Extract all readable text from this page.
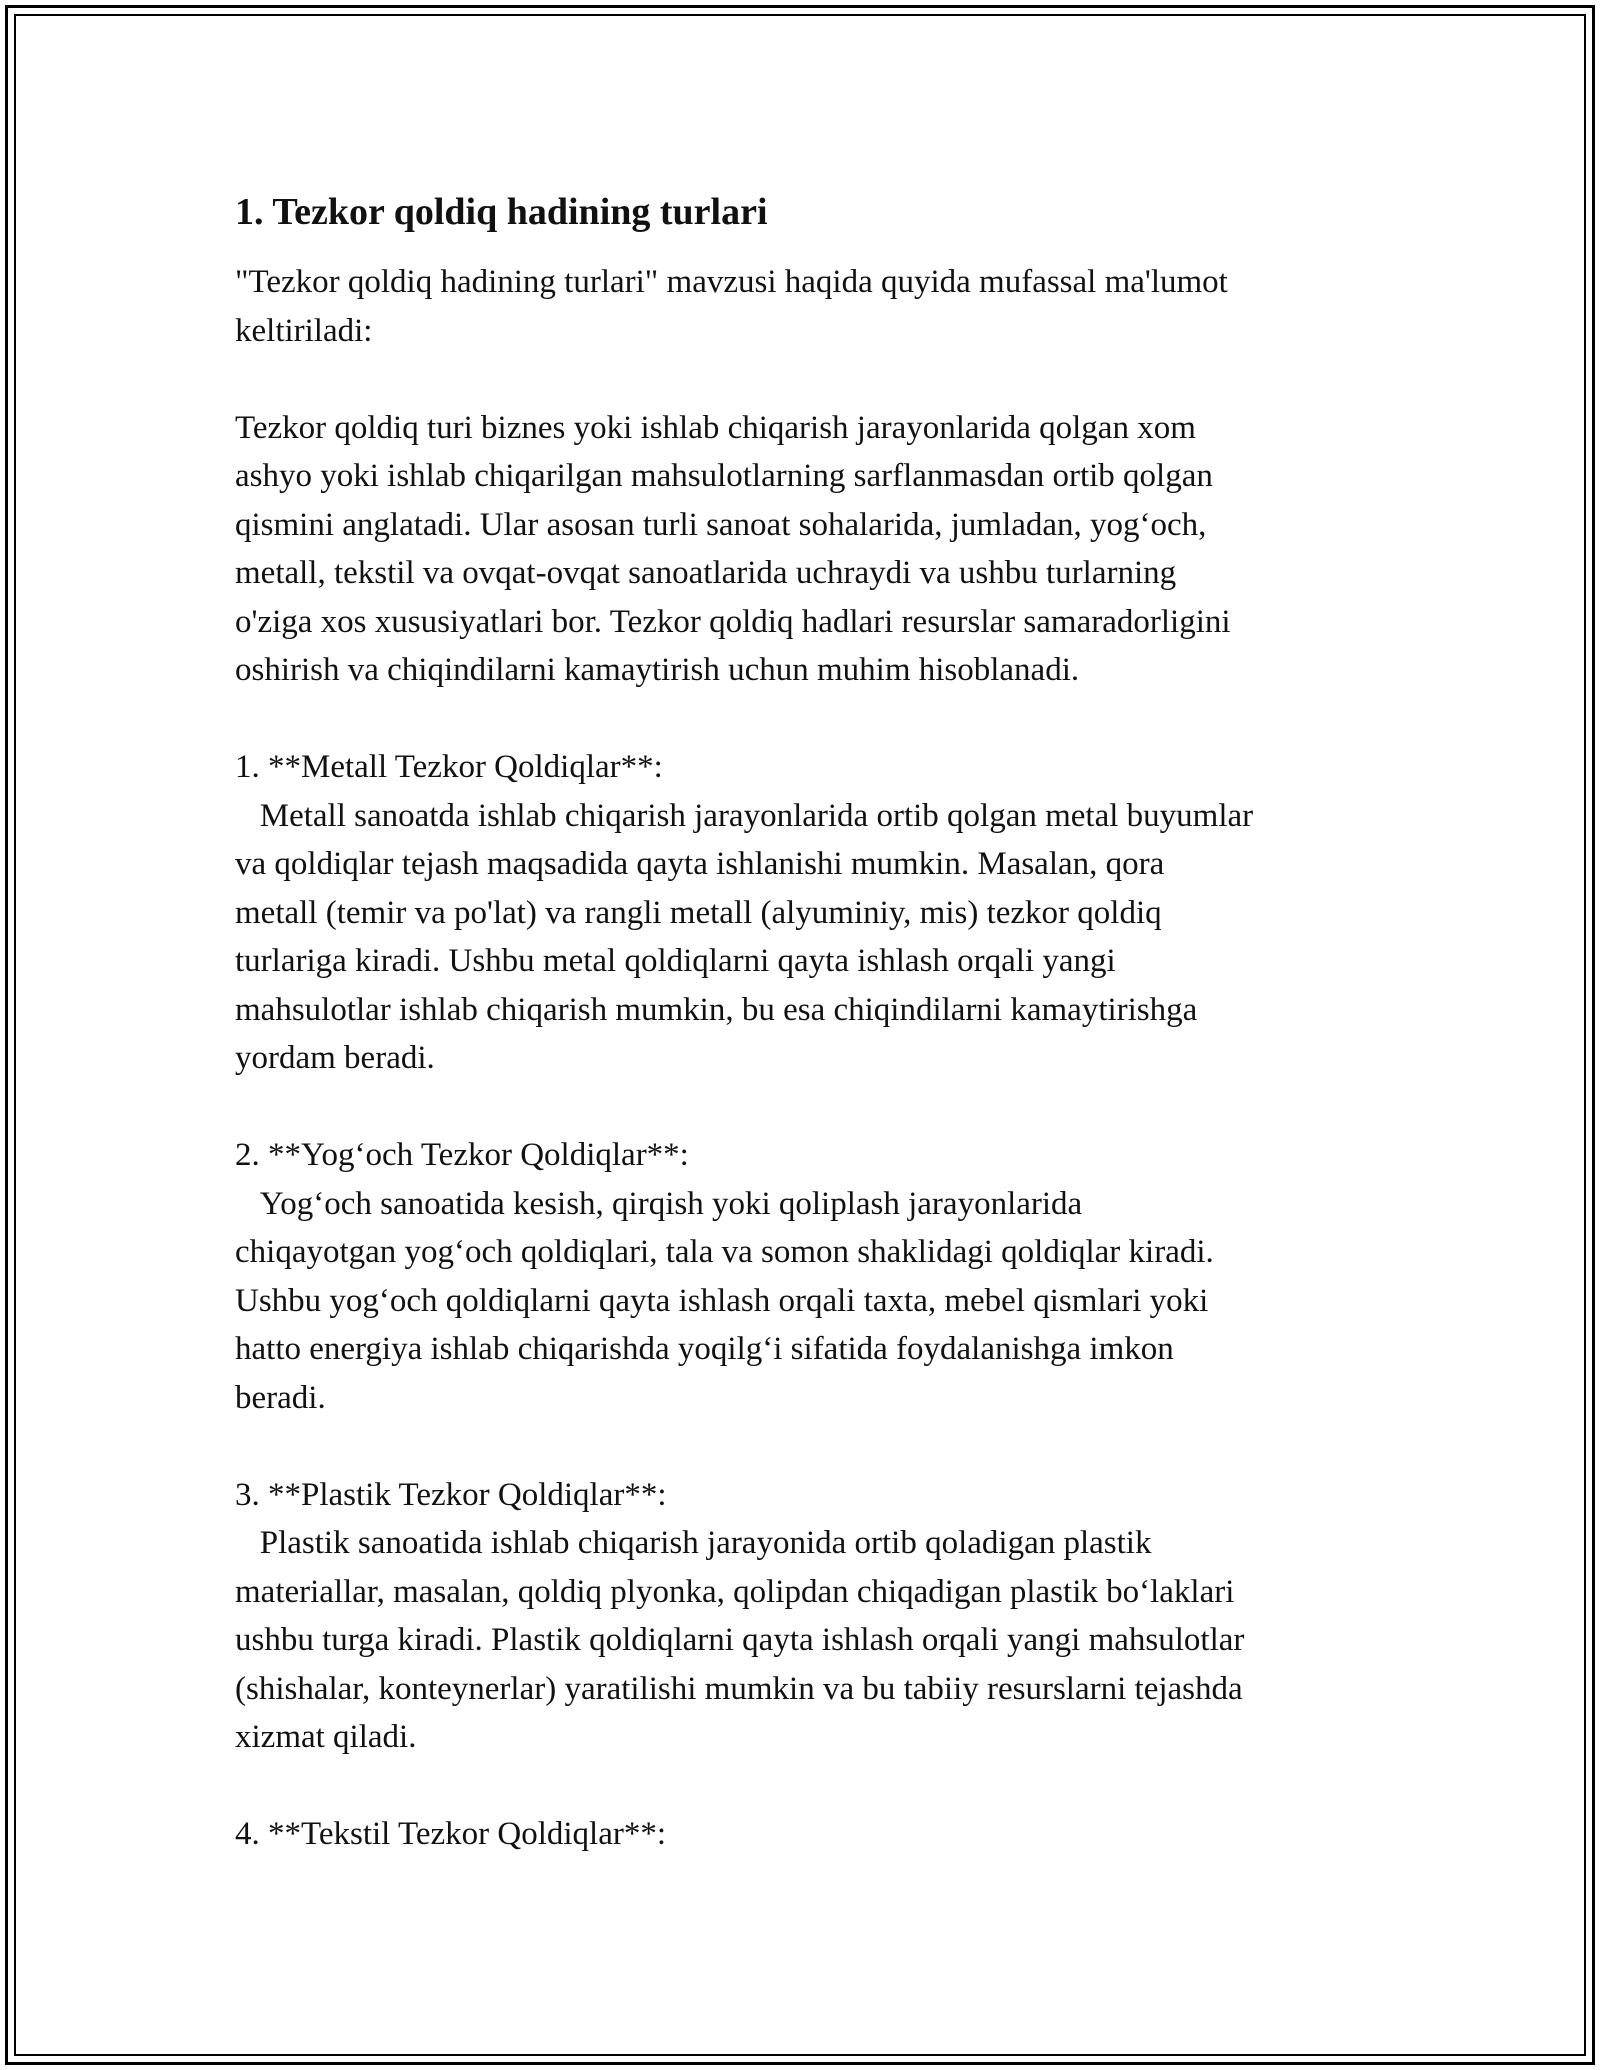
1. Tezkor qoldiq hadining turlari

"Tezkor qoldiq hadining turlari" mavzusi haqida quyida mufassal ma'lumot
keltiriladi:

Tezkor qoldiq turi biznes yoki ishlab chiqarish jarayonlarida qolgan xom
ashyo yoki ishlab chiqarilgan mahsulotlarning sarflanmasdan ortib qolgan
qismini anglatadi. Ular asosan turli sanoat sohalarida, jumladan, yog‘och,
metall, tekstil va ovqat-ovqat sanoatlarida uchraydi va ushbu turlarning
o'ziga xos xususiyatlari bor. Tezkor qoldiq hadlari resurslar samaradorligini
oshirish va chiqindilarni kamaytirish uchun muhim hisoblanadi.

1. **Metall Tezkor Qoldiqlar**:

Metall sanoatda ishlab chiqarish jarayonlarida ortib qolgan metal buyumlar
va qoldiqlar tejash maqsadida qayta ishlanishi mumkin. Masalan, qora
metall (temir va po'lat) va rangli metall (alyuminiy, mis) tezkor qoldiq
turlariga kiradi. Ushbu metal qoldiqlarni qayta ishlash orqali yangi
mahsulotlar ishlab chiqarish mumkin, bu esa chiqindilarni kamaytirishga
yordam beradi.

2. **Yog‘och Tezkor Qoldiqlar**:

Yog‘och sanoatida kesish, qirqish yoki qoliplash jarayonlarida
chiqayotgan yog‘och qoldiqlari, tala va somon shaklidagi qoldiqlar kiradi.
Ushbu yog‘och qoldiqlarni qayta ishlash orqali taxta, mebel qismlari yoki
hatto energiya ishlab chiqarishda yoqilg‘i sifatida foydalanishga imkon
beradi.

3. **Plastik Tezkor Qoldiqlar**:

Plastik sanoatida ishlab chiqarish jarayonida ortib qoladigan plastik
materiallar, masalan, qoldiq plyonka, qolipdan chiqadigan plastik bo‘laklari
ushbu turga kiradi. Plastik qoldiqlarni qayta ishlash orqali yangi mahsulotlar
(shishalar, konteynerlar) yaratilishi mumkin va bu tabiiy resurslarni tejashda
xizmat qiladi.

4. **Tekstil Tezkor Qoldiqlar**:
